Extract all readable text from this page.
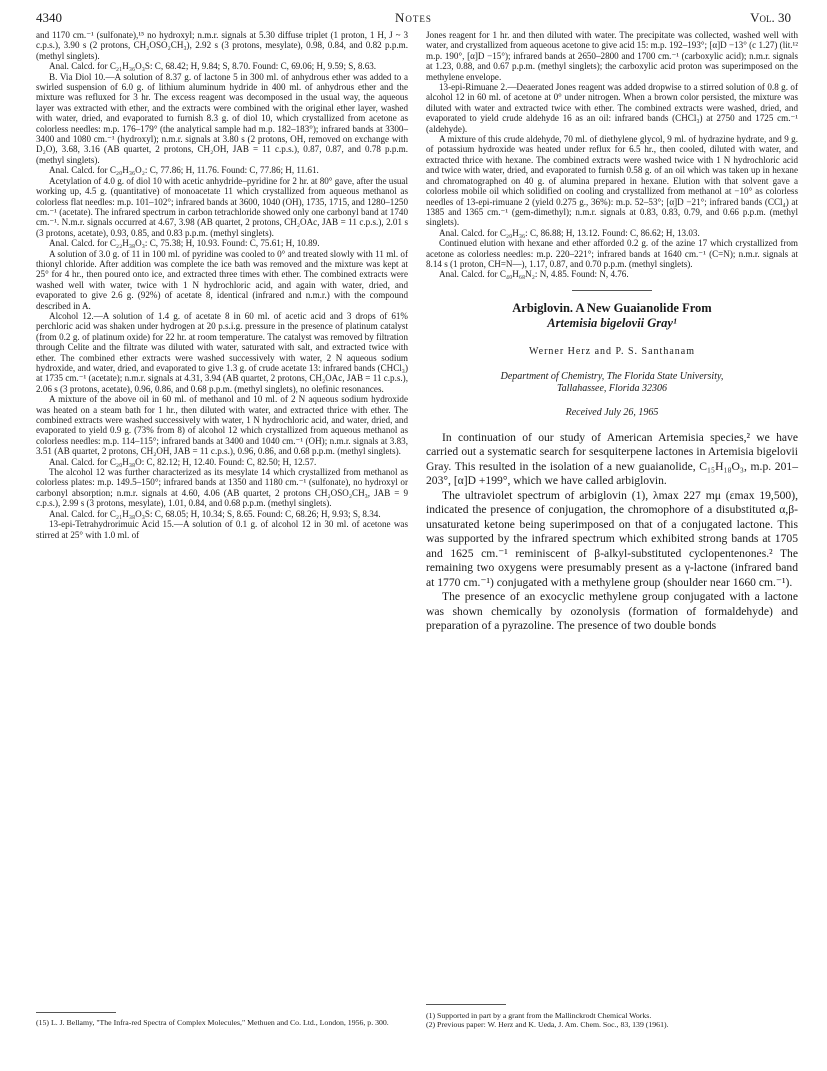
4340	Notes	Vol. 30

and 1170 cm.⁻¹ (sulfonate),¹⁵ no hydroxyl; n.m.r. signals at 5.30 diffuse triplet (1 proton, 1 H, J ~ 3 c.p.s.), 3.90 s (2 protons, CH₂OSO₂CH₃), 2.92 s (3 protons, mesylate), 0.98, 0.84, and 0.82 p.p.m. (methyl singlets).

Anal. Calcd. for C₂₁H₃₆O₃S: C, 68.42; H, 9.84; S, 8.70. Found: C, 69.06; H, 9.59; S, 8.63.

B. Via Diol 10.—A solution of 8.37 g. of lactone 5 in 300 ml. of anhydrous ether was added to a swirled suspension of 6.0 g. of lithium aluminum hydride in 400 ml. of anhydrous ether and the mixture was refluxed for 3 hr. The excess reagent was decomposed in the usual way, the aqueous layer was extracted with ether, and the extracts were combined with the original ether layer, washed with water, dried, and evaporated to furnish 8.3 g. of diol 10, which crystallized from acetone as colorless needles: m.p. 176–179° (the analytical sample had m.p. 182–183°); infrared bands at 3300–3400 and 1080 cm.⁻¹ (hydroxyl); n.m.r. signals at 3.80 s (2 protons, OH, removed on exchange with D₂O), 3.68, 3.16 (AB quartet, 2 protons, CH₂OH, JAB = 11 c.p.s.), 0.87, 0.87, and 0.78 p.p.m. (methyl singlets).

Anal. Calcd. for C₂₀H₃₆O₂: C, 77.86; H, 11.76. Found: C, 77.86; H, 11.61.

Acetylation of 4.0 g. of diol 10 with acetic anhydride–pyridine for 2 hr. at 80° gave, after the usual working up, 4.5 g. (quantitative) of monoacetate 11 which crystallized from aqueous methanol as colorless flat needles: m.p. 101–102°; infrared bands at 3600, 1040 (OH), 1735, 1715, and 1280–1250 cm.⁻¹ (acetate). The infrared spectrum in carbon tetrachloride showed only one carbonyl band at 1740 cm.⁻¹. N.m.r. signals occurred at 4.67, 3.98 (AB quartet, 2 protons, CH₂OAc, JAB = 11 c.p.s.), 2.01 s (3 protons, acetate), 0.93, 0.85, and 0.83 p.p.m. (methyl singlets).

Anal. Calcd. for C₂₂H₃₈O₃: C, 75.38; H, 10.93. Found: C, 75.61; H, 10.89.

A solution of 3.0 g. of 11 in 100 ml. of pyridine was cooled to 0° and treated slowly with 11 ml. of thionyl chloride. After addition was complete the ice bath was removed and the mixture was kept at 25° for 4 hr., then poured onto ice, and extracted three times with ether. The combined extracts were washed well with water, twice with 1 N hydrochloric acid, and again with water, dried, and evaporated to give 2.6 g. (92%) of acetate 8, identical (infrared and n.m.r.) with the compound described in A.

Alcohol 12.—A solution of 1.4 g. of acetate 8 in 60 ml. of acetic acid and 3 drops of 61% perchloric acid was shaken under hydrogen at 20 p.s.i.g. pressure in the presence of platinum catalyst (from 0.2 g. of platinum oxide) for 22 hr. at room temperature. The catalyst was removed by filtration through Celite and the filtrate was diluted with water, saturated with salt, and extracted twice with ether. The combined ether extracts were washed successively with water, 2 N aqueous sodium hydroxide, and water, dried, and evaporated to give 1.3 g. of crude acetate 13: infrared bands (CHCl₃) at 1735 cm.⁻¹ (acetate); n.m.r. signals at 4.31, 3.94 (AB quartet, 2 protons, CH₂OAc, JAB = 11 c.p.s.), 2.06 s (3 protons, acetate), 0.96, 0.86, and 0.68 p.p.m. (methyl singlets), no olefinic resonances.

A mixture of the above oil in 60 ml. of methanol and 10 ml. of 2 N aqueous sodium hydroxide was heated on a steam bath for 1 hr., then diluted with water, and extracted thrice with ether. The combined extracts were washed successively with water, 1 N hydrochloric acid, and water, dried, and evaporated to yield 0.9 g. (73% from 8) of alcohol 12 which crystallized from aqueous methanol as colorless needles: m.p. 114–115°; infrared bands at 3400 and 1040 cm.⁻¹ (OH); n.m.r. signals at 3.83, 3.51 (AB quartet, 2 protons, CH₂OH, JAB = 11 c.p.s.), 0.96, 0.86, and 0.68 p.p.m. (methyl singlets).

Anal. Calcd. for C₂₀H₃₈O: C, 82.12; H, 12.40. Found: C, 82.50; H, 12.57.

The alcohol 12 was further characterized as its mesylate 14 which crystallized from methanol as colorless plates: m.p. 149.5–150°; infrared bands at 1350 and 1180 cm.⁻¹ (sulfonate), no hydroxyl or carbonyl absorption; n.m.r. signals at 4.60, 4.06 (AB quartet, 2 protons CH₂OSO₂CH₃, JAB = 9 c.p.s.), 2.99 s (3 protons, mesylate), 1.01, 0.84, and 0.68 p.p.m. (methyl singlets).

Anal. Calcd. for C₂₁H₃₈O₃S: C, 68.05; H, 10.34; S, 8.65. Found: C, 68.26; H, 9.93; S, 8.34.

13-epi-Tetrahydrorimuic Acid 15.—A solution of 0.1 g. of alcohol 12 in 30 ml. of acetone was stirred at 25° with 1.0 ml. of

Jones reagent for 1 hr. and then diluted with water. The precipitate was collected, washed well with water, and crystallized from aqueous acetone to give acid 15: m.p. 192–193°; [α]D −13° (c 1.27) (lit.¹² m.p. 190°, [α]D −15°); infrared bands at 2650–2800 and 1700 cm.⁻¹ (carboxylic acid); n.m.r. signals at 1.23, 0.88, and 0.67 p.p.m. (methyl singlets); the carboxylic acid proton was superimposed on the methylene envelope.

13-epi-Rimuane 2.—Deaerated Jones reagent was added dropwise to a stirred solution of 0.8 g. of alcohol 12 in 60 ml. of acetone at 0° under nitrogen. When a brown color persisted, the mixture was diluted with water and extracted twice with ether. The combined extracts were washed, dried, and evaporated to yield crude aldehyde 16 as an oil: infrared bands (CHCl₃) at 2750 and 1725 cm.⁻¹ (aldehyde).

A mixture of this crude aldehyde, 70 ml. of diethylene glycol, 9 ml. of hydrazine hydrate, and 9 g. of potassium hydroxide was heated under reflux for 6.5 hr., then cooled, diluted with water, and extracted thrice with hexane. The combined extracts were washed twice with 1 N hydrochloric acid and twice with water, dried, and evaporated to furnish 0.58 g. of an oil which was taken up in hexane and chromatographed on 40 g. of alumina prepared in hexane. Elution with that solvent gave a colorless mobile oil which solidified on cooling and crystallized from methanol at −10° as colorless needles of 13-epi-rimuane 2 (yield 0.275 g., 36%): m.p. 52–53°; [α]D −21°; infrared bands (CCl₄) at 1385 and 1365 cm.⁻¹ (gem-dimethyl); n.m.r. signals at 0.83, 0.83, 0.79, and 0.66 p.p.m. (methyl singlets).

Anal. Calcd. for C₂₀H₃₆: C, 86.88; H, 13.12. Found: C, 86.62; H, 13.03.

Continued elution with hexane and ether afforded 0.2 g. of the azine 17 which crystallized from acetone as colorless needles: m.p. 220–221°; infrared bands at 1640 cm.⁻¹ (C=N); n.m.r. signals at 8.14 s (1 proton, CH=N—), 1.17, 0.87, and 0.70 p.p.m. (methyl singlets).

Anal. Calcd. for C₄₀H₆₈N₂: N, 4.85. Found: N, 4.76.

Arbiglovin. A New Guaianolide From
Artemisia bigelovii Gray¹
Werner Herz and P. S. Santhanam
Department of Chemistry, The Florida State University,
Tallahassee, Florida 32306
Received July 26, 1965

In continuation of our study of American Artemisia species,² we have carried out a systematic search for sesquiterpene lactones in Artemisia bigelovii Gray. This resulted in the isolation of a new guaianolide, C₁₅H₁₈O₃, m.p. 201–203°, [α]D +199°, which we have called arbiglovin.

The ultraviolet spectrum of arbiglovin (1), λmax 227 mμ (εmax 19,500), indicated the presence of conjugation, the chromophore of a disubstituted α,β-unsaturated ketone being superimposed on that of a conjugated lactone. This was supported by the infrared spectrum which exhibited strong bands at 1705 and 1625 cm.⁻¹ reminiscent of β-alkyl-substituted cyclopentenones.² The remaining two oxygens were presumably present as a γ-lactone (infrared band at 1770 cm.⁻¹) conjugated with a methylene group (shoulder near 1660 cm.⁻¹).

The presence of an exocyclic methylene group conjugated with a lactone was shown chemically by ozonolysis (formation of formaldehyde) and preparation of a pyrazoline. The presence of two double bonds

(15) L. J. Bellamy, "The Infra-red Spectra of Complex Molecules," Methuen and Co. Ltd., London, 1956, p. 300.
(1) Supported in part by a grant from the Mallinckrodt Chemical Works.
(2) Previous paper: W. Herz and K. Ueda, J. Am. Chem. Soc., 83, 139 (1961).
